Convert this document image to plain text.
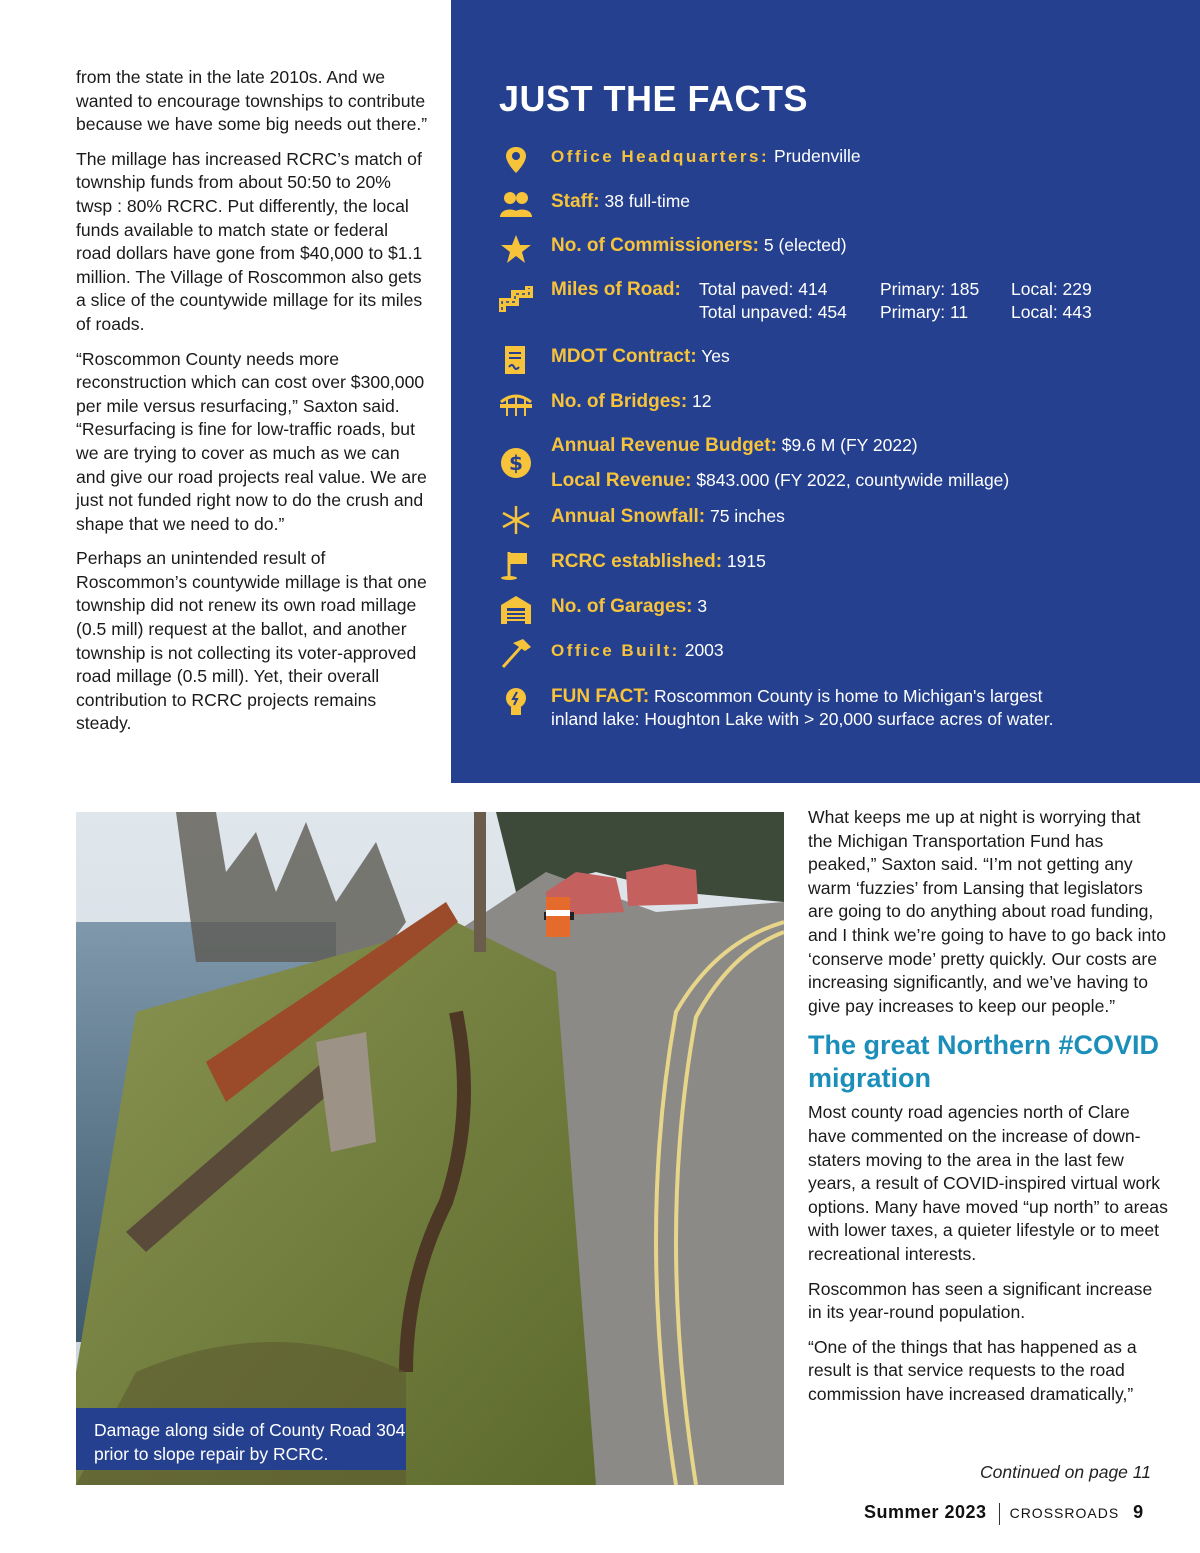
from the state in the late 2010s. And we wanted to encourage townships to contribute because we have some big needs out there.”

The millage has increased RCRC’s match of township funds from about 50:50 to 20% twsp : 80% RCRC. Put differently, the local funds available to match state or federal road dollars have gone from $40,000 to $1.1 million. The Village of Roscommon also gets a slice of the countywide millage for its miles of roads.

“Roscommon County needs more reconstruction which can cost over $300,000 per mile versus resurfacing,” Saxton said. “Resurfacing is fine for low-traffic roads, but we are trying to cover as much as we can and give our road projects real value. We are just not funded right now to do the crush and shape that we need to do.”

Perhaps an unintended result of Roscommon’s countywide millage is that one township did not renew its own road millage (0.5 mill) request at the ballot, and another township is not collecting its voter-approved road millage (0.5 mill). Yet, their overall contribution to RCRC projects remains steady.

JUST THE FACTS
Office Headquarters: Prudenville
Staff: 38 full-time
No. of Commissioners: 5 (elected)
Miles of Road: Total paved: 414	Primary: 185	Local: 229
Total unpaved: 454	Primary: 11	Local: 443
MDOT Contract: Yes
No. of Bridges: 12
$
Annual Revenue Budget: $9.6 M (FY 2022)
Local Revenue: $843.000 (FY 2022, countywide millage)
Annual Snowfall: 75 inches
RCRC established: 1915
No. of Garages: 3
Office Built: 2003
FUN FACT: Roscommon County is home to Michigan's largest
inland lake: Houghton Lake with > 20,000 surface acres of water.
Damage along side of County Road 304 prior to slope repair by RCRC.

What keeps me up at night is worrying that the Michigan Transportation Fund has peaked,” Saxton said. “I’m not getting any warm ‘fuzzies’ from Lansing that legislators are going to do anything about road funding, and I think we’re going to have to go back into ‘conserve mode’ pretty quickly. Our costs are increasing significantly, and we’ve having to give pay increases to keep our people.”

The great Northern #COVID migration

Most county road agencies north of Clare have commented on the increase of down-staters moving to the area in the last few years, a result of COVID-inspired virtual work options. Many have moved “up north” to areas with lower taxes, a quieter lifestyle or to meet recreational interests.

Roscommon has seen a significant increase in its year-round population.

“One of the things that has happened as a result is that service requests to the road commission have increased dramatically,”

Continued on page 11
Summer 2023 CROSSROADS 9
